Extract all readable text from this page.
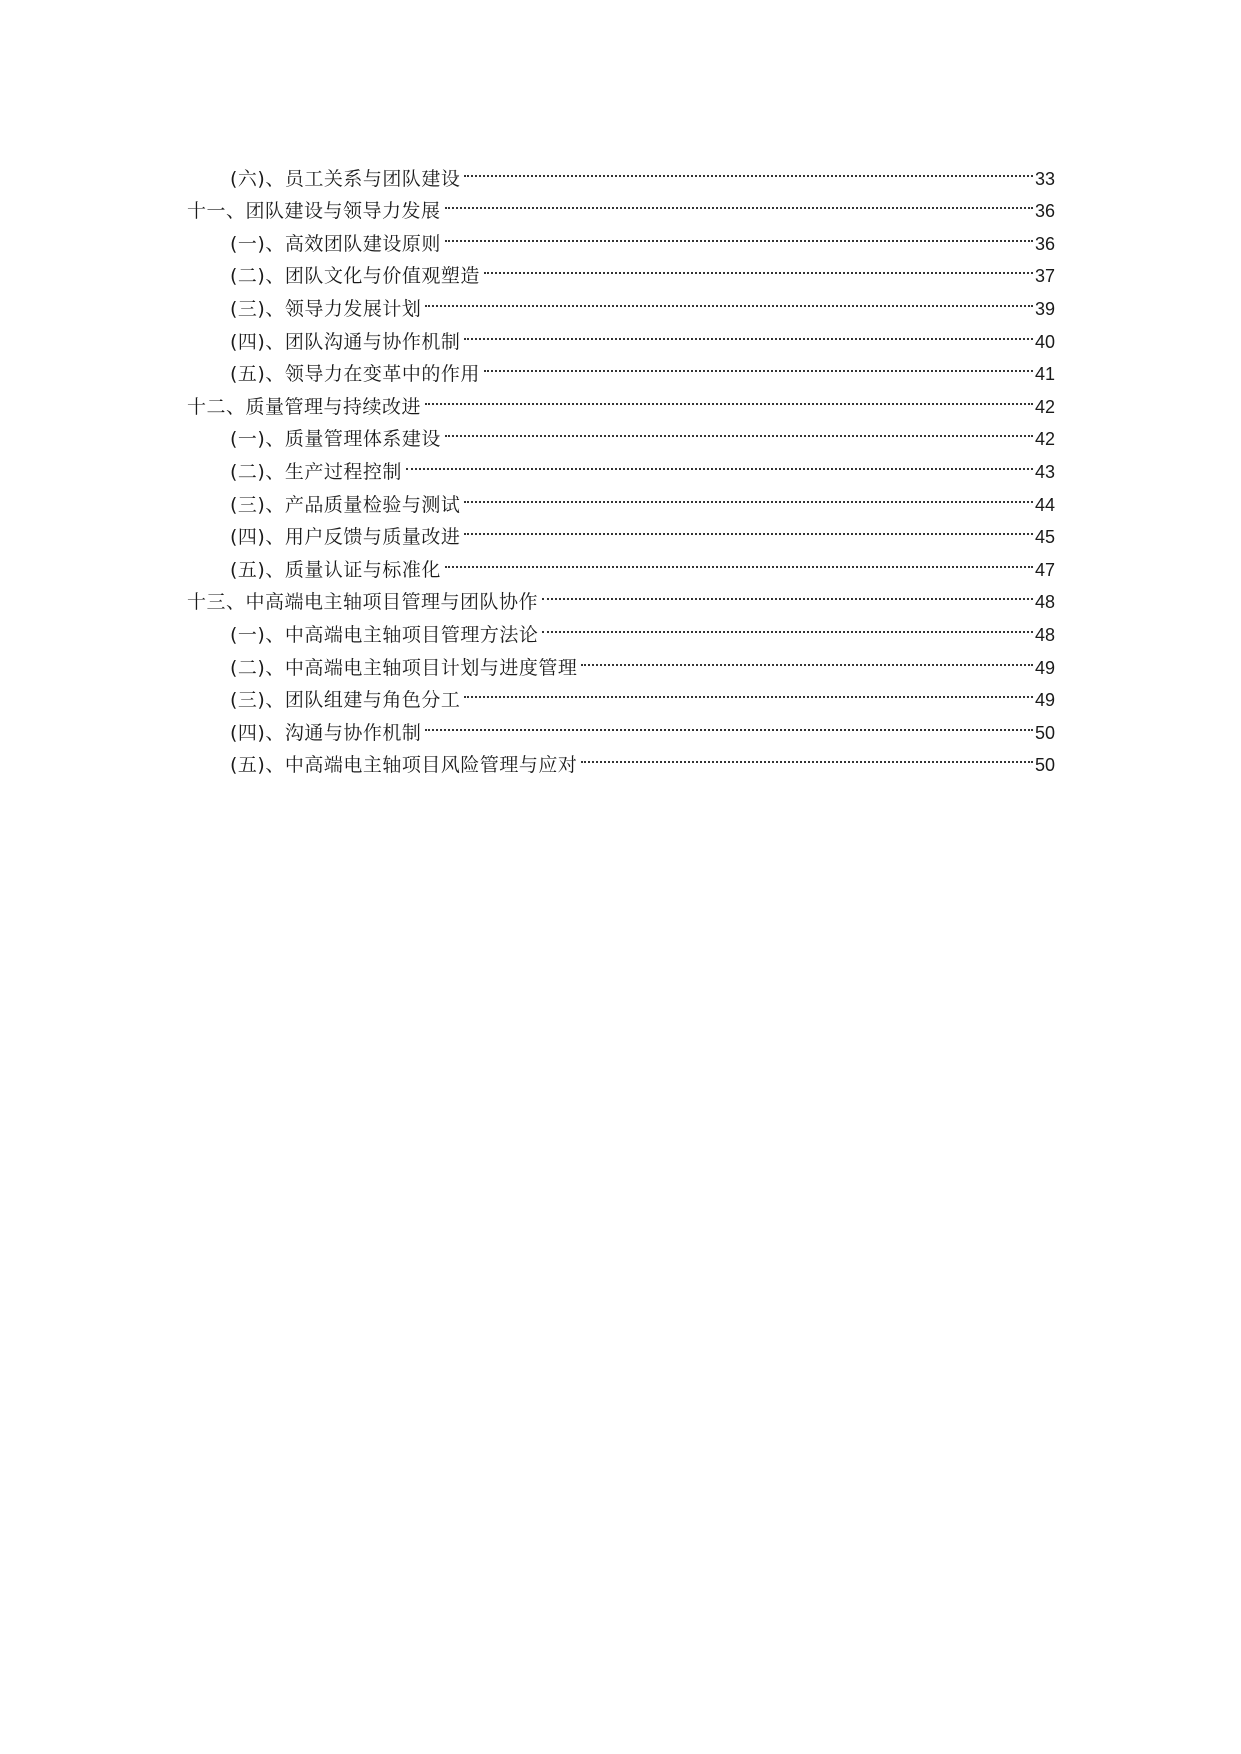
(六)、员工关系与团队建设	33
十一、团队建设与领导力发展	36
(一)、高效团队建设原则	36
(二)、团队文化与价值观塑造	37
(三)、领导力发展计划	39
(四)、团队沟通与协作机制	40
(五)、领导力在变革中的作用	41
十二、质量管理与持续改进	42
(一)、质量管理体系建设	42
(二)、生产过程控制	43
(三)、产品质量检验与测试	44
(四)、用户反馈与质量改进	45
(五)、质量认证与标准化	47
十三、中高端电主轴项目管理与团队协作	48
(一)、中高端电主轴项目管理方法论	48
(二)、中高端电主轴项目计划与进度管理	49
(三)、团队组建与角色分工	49
(四)、沟通与协作机制	50
(五)、中高端电主轴项目风险管理与应对	50
